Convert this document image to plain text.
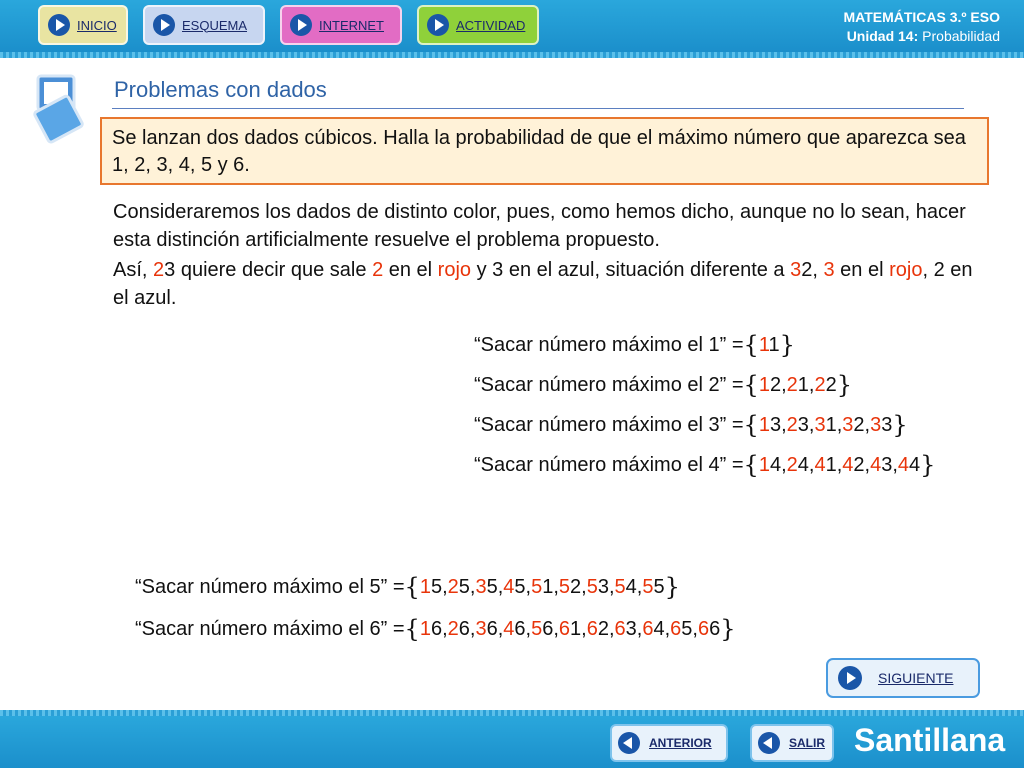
INICIO	ESQUEMA	INTERNET	ACTIVIDAD	MATEMÁTICAS 3.º ESO
Unidad 14: Probabilidad
Problemas con dados
Se lanzan dos dados cúbicos. Halla la probabilidad de que el máximo número que aparezca sea 1, 2, 3, 4, 5 y 6.
Consideraremos los dados de distinto color, pues, como hemos dicho, aunque no lo sean, hacer esta distinción artificialmente resuelve el problema propuesto.
Así, 23 quiere decir que sale 2 en el rojo y 3 en el azul, situación diferente a 32, 3 en el rojo, 2 en el azul.
“Sacar número máximo el 1” = { 11 }
“Sacar número máximo el 2” = { 12,21,22 }
“Sacar número máximo el 3” = { 13,23,31,32,33 }
“Sacar número máximo el 4” = { 14,24,41,42,43,44 }
“Sacar número máximo el 5” = { 15,25,35,45,51,52,53,54,55 }
“Sacar número máximo el 6” = { 16,26,36,46,56,61,62,63,64,65,66 }
SIGUIENTE
ANTERIOR	SALIR Santillana
